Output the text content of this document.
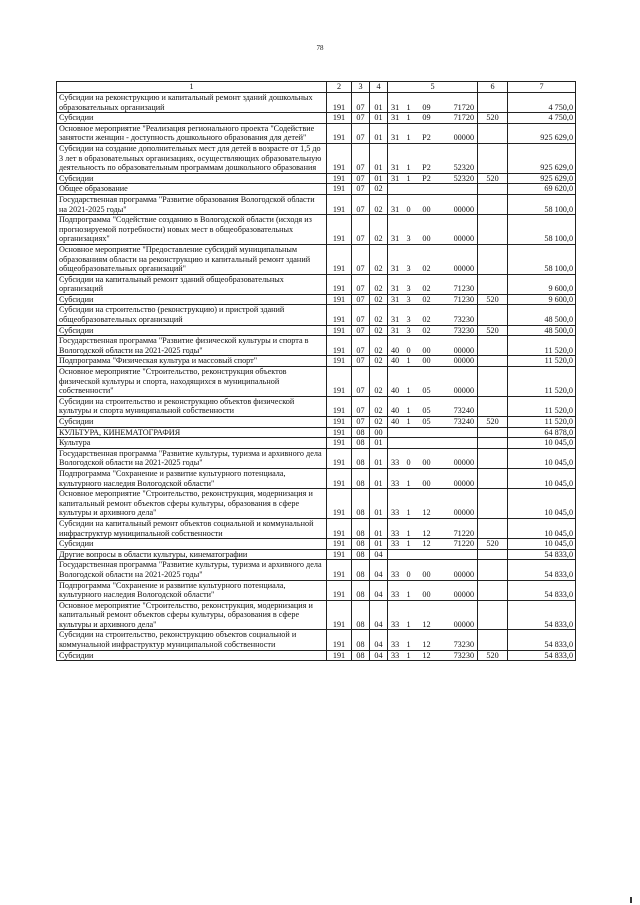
78
1	2	3	4	5				6	7
Субсидии на реконструкцию и капитальный ремонт зданий дошкольных образовательных организаций	191	07	01	31	1	09	71720		4 750,0
Субсидии	191	07	01	31	1	09	71720	520	4 750,0
Основное мероприятие "Реализация регионального проекта "Содействие занятости женщин - доступность дошкольного образования для детей"	191	07	01	31	1	P2	00000		925 629,0
Субсидии на создание дополнительных мест для детей в возрасте от 1,5 до 3 лет в образовательных организациях, осуществляющих образовательную деятельность по образовательным программам дошкольного образования	191	07	01	31	1	P2	52320		925 629,0
Субсидии	191	07	01	31	1	P2	52320	520	925 629,0
Общее образование	191	07	02						69 620,0
Государственная программа "Развитие образования Вологодской области на 2021-2025 годы"	191	07	02	31	0	00	00000		58 100,0
Подпрограмма "Содействие созданию в Вологодской области (исходя из прогнозируемой потребности) новых мест в общеобразовательных организациях"	191	07	02	31	3	00	00000		58 100,0
Основное мероприятие "Предоставление субсидий муниципальным образованиям области на реконструкцию и капитальный ремонт зданий общеобразовательных организаций"	191	07	02	31	3	02	00000		58 100,0
Субсидии на капитальный ремонт зданий общеобразовательных организаций	191	07	02	31	3	02	71230		9 600,0
Субсидии	191	07	02	31	3	02	71230	520	9 600,0
Субсидии на строительство (реконструкцию) и пристрой зданий общеобразовательных организаций	191	07	02	31	3	02	73230		48 500,0
Субсидии	191	07	02	31	3	02	73230	520	48 500,0
Государственная программа "Развитие физической культуры и спорта в Вологодской области на 2021-2025 годы"	191	07	02	40	0	00	00000		11 520,0
Подпрограмма "Физическая культура и массовый спорт"	191	07	02	40	1	00	00000		11 520,0
Основное мероприятие "Строительство, реконструкция объектов физической культуры и спорта, находящихся в муниципальной собственности"	191	07	02	40	1	05	00000		11 520,0
Субсидии на строительство и реконструкцию объектов физической культуры и спорта муниципальной собственности	191	07	02	40	1	05	73240		11 520,0
Субсидии	191	07	02	40	1	05	73240	520	11 520,0
КУЛЬТУРА, КИНЕМАТОГРАФИЯ	191	08	00						64 878,0
Культура	191	08	01						10 045,0
Государственная программа "Развитие культуры, туризма и архивного дела Вологодской области на 2021-2025 годы"	191	08	01	33	0	00	00000		10 045,0
Подпрограмма "Сохранение и развитие культурного потенциала, культурного наследия Вологодской области"	191	08	01	33	1	00	00000		10 045,0
Основное мероприятие "Строительство, реконструкция, модернизация и капитальный ремонт объектов сферы культуры, образования в сфере культуры и архивного дела"	191	08	01	33	1	12	00000		10 045,0
Субсидии на капитальный ремонт объектов социальной и коммунальной инфраструктур муниципальной собственности	191	08	01	33	1	12	71220		10 045,0
Субсидии	191	08	01	33	1	12	71220	520	10 045,0
Другие вопросы в области культуры, кинематографии	191	08	04						54 833,0
Государственная программа "Развитие культуры, туризма и архивного дела Вологодской области на 2021-2025 годы"	191	08	04	33	0	00	00000		54 833,0
Подпрограмма "Сохранение и развитие культурного потенциала, культурного наследия Вологодской области"	191	08	04	33	1	00	00000		54 833,0
Основное мероприятие "Строительство, реконструкция, модернизация и капитальный ремонт объектов сферы культуры, образования в сфере культуры и архивного дела"	191	08	04	33	1	12	00000		54 833,0
Субсидии на строительство, реконструкцию объектов социальной и коммунальной инфраструктур муниципальной собственности	191	08	04	33	1	12	73230		54 833,0
Субсидии	191	08	04	33	1	12	73230	520	54 833,0
